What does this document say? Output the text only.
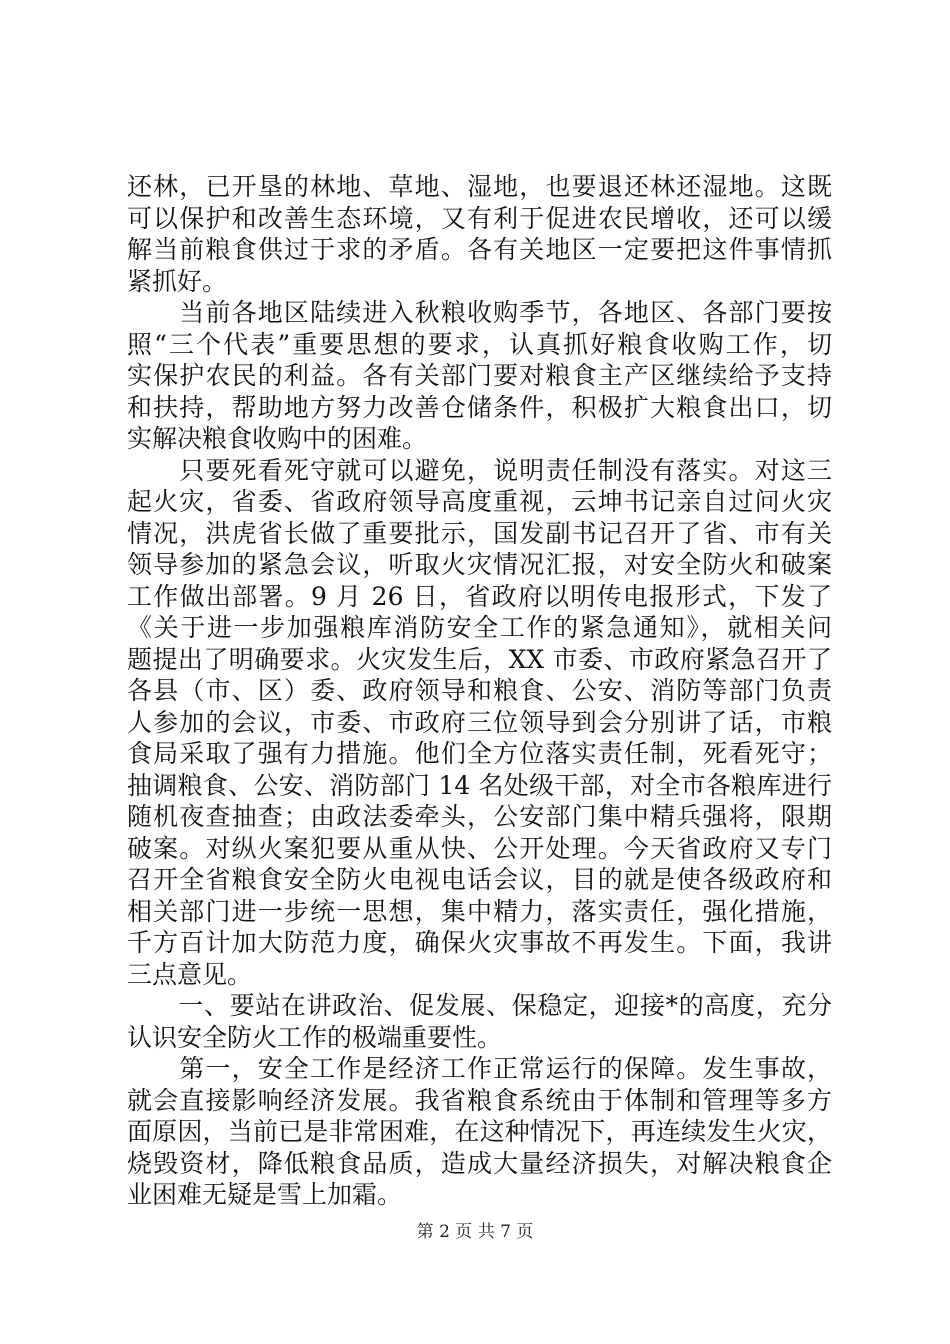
还林，已开垦的林地、草地、湿地，也要退还林还湿地。这既
可以保护和改善生态环境，又有利于促进农民增收，还可以缓
解当前粮食供过于求的矛盾。各有关地区一定要把这件事情抓
紧抓好。
　　当前各地区陆续进入秋粮收购季节，各地区、各部门要按
照“三个代表”重要思想的要求，认真抓好粮食收购工作，切
实保护农民的利益。各有关部门要对粮食主产区继续给予支持
和扶持，帮助地方努力改善仓储条件，积极扩大粮食出口，切
实解决粮食收购中的困难。
　　只要死看死守就可以避免，说明责任制没有落实。对这三
起火灾，省委、省政府领导高度重视，云坤书记亲自过问火灾
情况，洪虎省长做了重要批示，国发副书记召开了省、市有关
领导参加的紧急会议，听取火灾情况汇报，对安全防火和破案
工作做出部署。9 月 26 日，省政府以明传电报形式，下发了
《关于进一步加强粮库消防安全工作的紧急通知》，就相关问
题提出了明确要求。火灾发生后，XX 市委、市政府紧急召开了
各县（市、区）委、政府领导和粮食、公安、消防等部门负责
人参加的会议，市委、市政府三位领导到会分别讲了话，市粮
食局采取了强有力措施。他们全方位落实责任制，死看死守；
抽调粮食、公安、消防部门 14 名处级干部，对全市各粮库进行
随机夜查抽查；由政法委牵头，公安部门集中精兵强将，限期
破案。对纵火案犯要从重从快、公开处理。今天省政府又专门
召开全省粮食安全防火电视电话会议，目的就是使各级政府和
相关部门进一步统一思想，集中精力，落实责任，强化措施，
千方百计加大防范力度，确保火灾事故不再发生。下面，我讲
三点意见。
　　一、要站在讲政治、促发展、保稳定，迎接*的高度，充分
认识安全防火工作的极端重要性。
　　第一，安全工作是经济工作正常运行的保障。发生事故，
就会直接影响经济发展。我省粮食系统由于体制和管理等多方
面原因，当前已是非常困难，在这种情况下，再连续发生火灾，
烧毁资材，降低粮食品质，造成大量经济损失，对解决粮食企
业困难无疑是雪上加霜。
第 2 页 共 7 页
